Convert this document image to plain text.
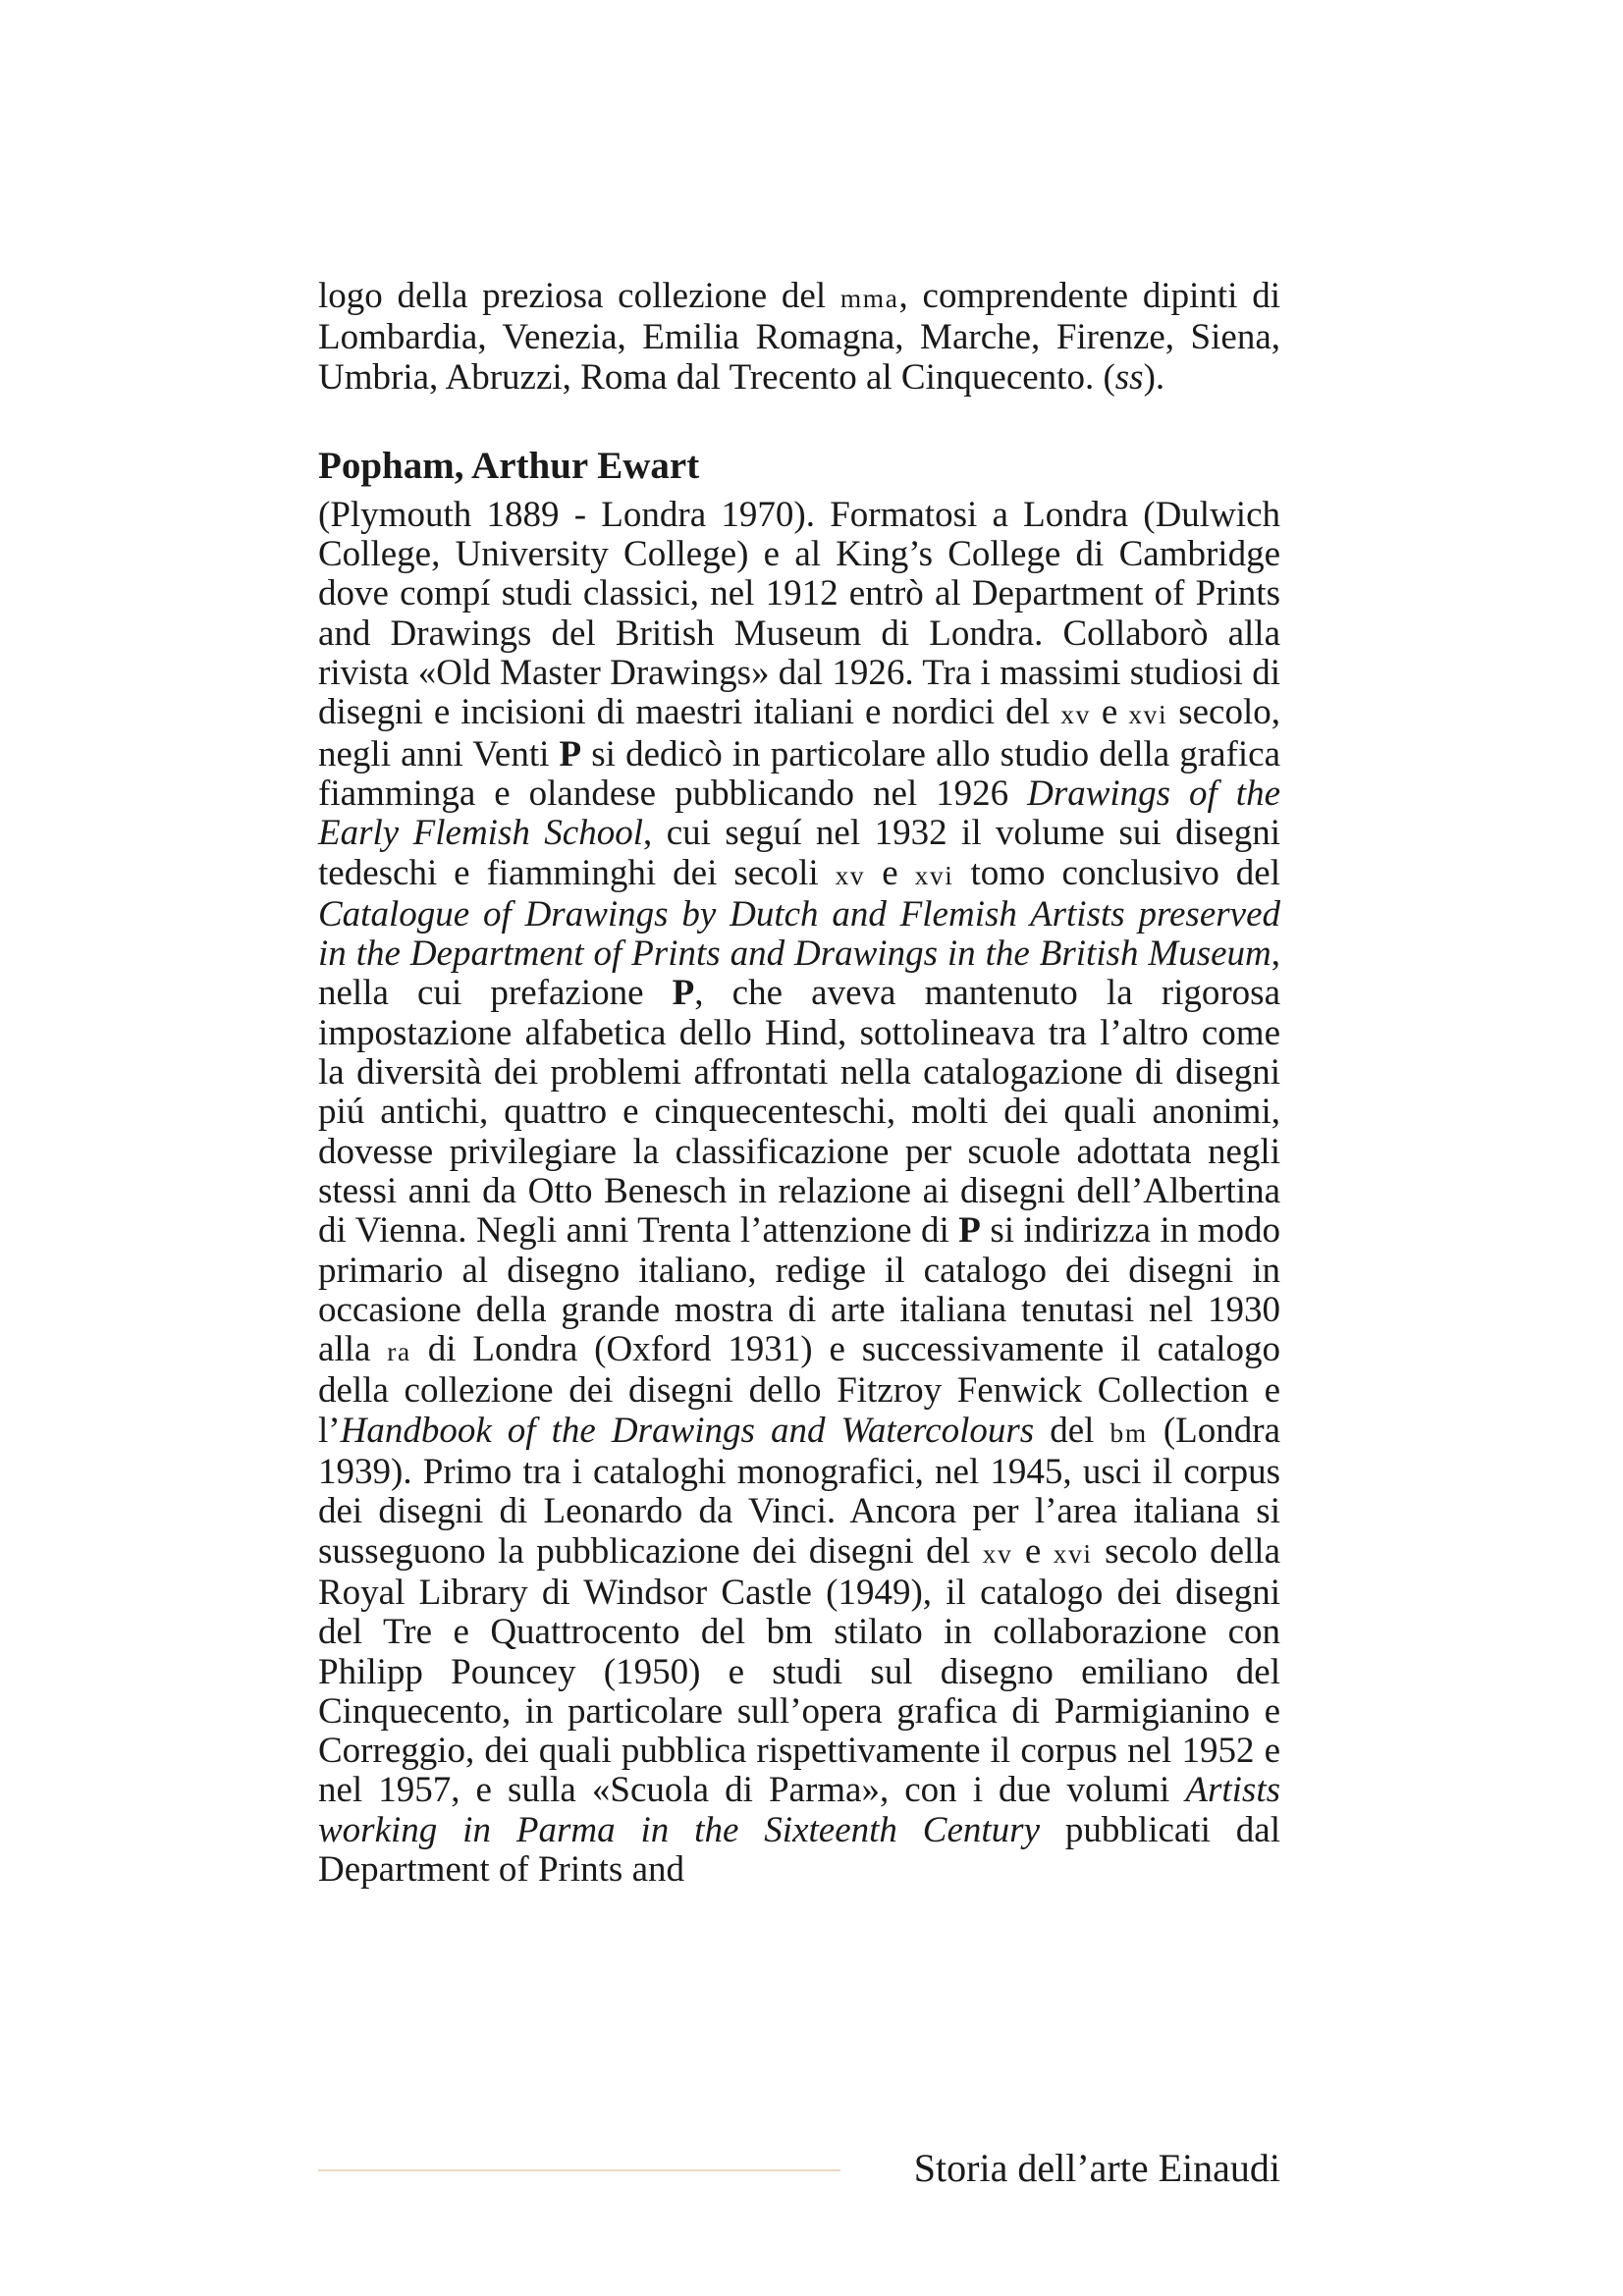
logo della preziosa collezione del mma, comprendente dipinti di Lombardia, Venezia, Emilia Romagna, Marche, Firenze, Siena, Umbria, Abruzzi, Roma dal Trecento al Cinquecento. (ss).

Popham, Arthur Ewart

(Plymouth 1889 - Londra 1970). Formatosi a Londra (Dulwich College, University College) e al King’s College di Cambridge dove compí studi classici, nel 1912 entrò al Department of Prints and Drawings del British Museum di Londra. Collaborò alla rivista «Old Master Drawings» dal 1926. Tra i massimi studiosi di disegni e incisioni di maestri italiani e nordici del xv e xvi secolo, negli anni Venti P si dedicò in particolare allo studio della grafica fiamminga e olandese pubblicando nel 1926 Drawings of the Early Flemish School, cui seguí nel 1932 il volume sui disegni tedeschi e fiamminghi dei secoli xv e xvi tomo conclusivo del Catalogue of Drawings by Dutch and Flemish Artists preserved in the Department of Prints and Drawings in the British Museum, nella cui prefazione P, che aveva mantenuto la rigorosa impostazione alfabetica dello Hind, sottolineava tra l’altro come la diversità dei problemi affrontati nella catalogazione di disegni piú antichi, quattro e cinquecenteschi, molti dei quali anonimi, dovesse privilegiare la classificazione per scuole adottata negli stessi anni da Otto Benesch in relazione ai disegni dell’Albertina di Vienna. Negli anni Trenta l’attenzione di P si indirizza in modo primario al disegno italiano, redige il catalogo dei disegni in occasione della grande mostra di arte italiana tenutasi nel 1930 alla ra di Londra (Oxford 1931) e successivamente il catalogo della collezione dei disegni dello Fitzroy Fenwick Collection e l’Handbook of the Drawings and Watercolours del bm (Londra 1939). Primo tra i cataloghi monografici, nel 1945, usci il corpus dei disegni di Leonardo da Vinci. Ancora per l’area italiana si susseguono la pubblicazione dei disegni del xv e xvi secolo della Royal Library di Windsor Castle (1949), il catalogo dei disegni del Tre e Quattrocento del bm stilato in collaborazione con Philipp Pouncey (1950) e studi sul disegno emiliano del Cinquecento, in particolare sull’opera grafica di Parmigianino e Correggio, dei quali pubblica rispettivamente il corpus nel 1952 e nel 1957, e sulla «Scuola di Parma», con i due volumi Artists working in Parma in the Sixteenth Century pubblicati dal Department of Prints and

Storia dell’arte Einaudi
